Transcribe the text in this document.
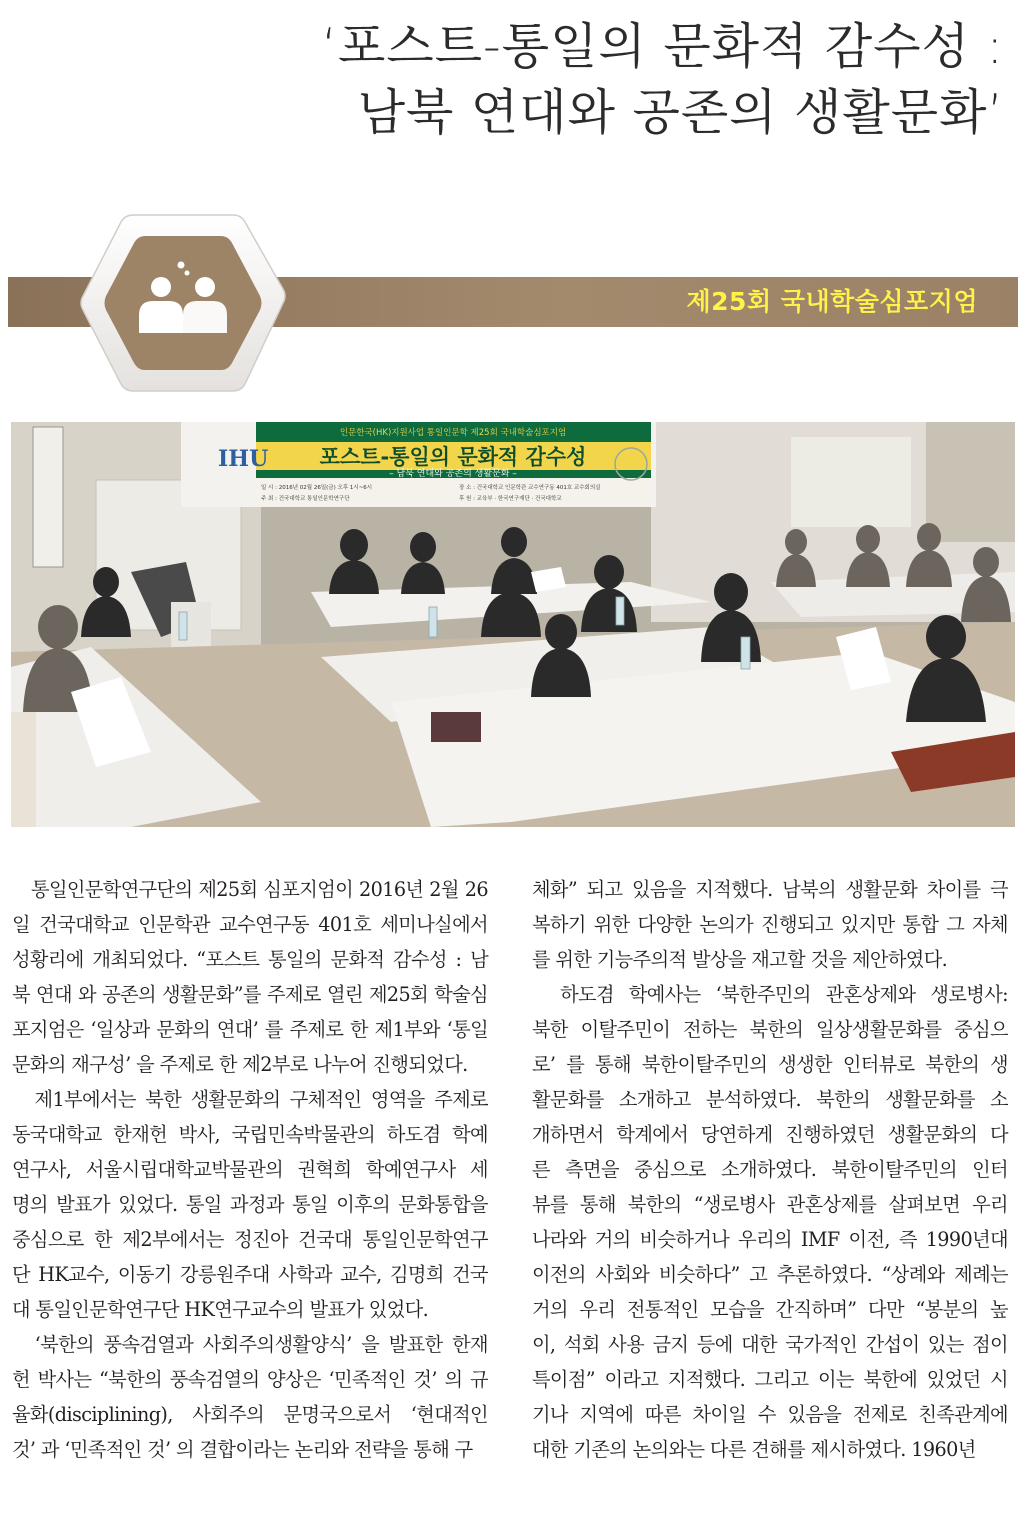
‘포스트-통일의 문화적 감수성 :
남북 연대와 공존의 생활문화’
제25회 국내학술심포지엄
IHU
인문한국(HK)지원사업 통일인문학 제25회 국내학술심포지엄
포스트-통일의 문화적 감수성
– 남북 연대와 공존의 생활문화 –
일 시 : 2016년 02월 26일(금) 오후 1시~6시
주 최 : 건국대학교 통일인문학연구단
장 소 : 건국대학교 인문학관 교수연구동 401호 교수회의실
후 원 : 교육부 · 한국연구재단 · 건국대학교
　통일인문학연구단의 제25회 심포지엄이 2016년 2월 26
일 건국대학교 인문학관 교수연구동 401호 세미나실에서
성황리에 개최되었다. “포스트 통일의 문화적 감수성 : 남
북 연대 와 공존의 생활문화”를 주제로 열린 제25회 학술심
포지엄은 ‘일상과 문화의 연대’ 를 주제로 한 제1부와 ‘통일
문화의 재구성’ 을 주제로 한 제2부로 나누어 진행되었다.
　제1부에서는 북한 생활문화의 구체적인 영역을 주제로
동국대학교 한재헌 박사, 국립민속박물관의 하도겸 학예
연구사, 서울시립대학교박물관의 권혁희 학예연구사 세
명의 발표가 있었다. 통일 과정과 통일 이후의 문화통합을
중심으로 한 제2부에서는 정진아 건국대 통일인문학연구
단 HK교수, 이동기 강릉원주대 사학과 교수, 김명희 건국
대 통일인문학연구단 HK연구교수의 발표가 있었다.
　‘북한의 풍속검열과 사회주의생활양식’ 을 발표한 한재
헌 박사는 “북한의 풍속검열의 양상은 ‘민족적인 것’ 의 규
율화(disciplining), 사회주의 문명국으로서 ‘현대적인
것’ 과 ‘민족적인 것’ 의 결합이라는 논리와 전략을 통해 구
체화” 되고 있음을 지적했다. 남북의 생활문화 차이를 극
복하기 위한 다양한 논의가 진행되고 있지만 통합 그 자체
를 위한 기능주의적 발상을 재고할 것을 제안하였다.
　하도겸 학예사는 ‘북한주민의 관혼상제와 생로병사:
북한 이탈주민이 전하는 북한의 일상생활문화를 중심으
로’ 를 통해 북한이탈주민의 생생한 인터뷰로 북한의 생
활문화를 소개하고 분석하였다. 북한의 생활문화를 소
개하면서 학계에서 당연하게 진행하였던 생활문화의 다
른 측면을 중심으로 소개하였다. 북한이탈주민의 인터
뷰를 통해 북한의 “생로병사 관혼상제를 살펴보면 우리
나라와 거의 비슷하거나 우리의 IMF 이전, 즉 1990년대
이전의 사회와 비슷하다” 고 추론하였다. “상례와 제례는
거의 우리 전통적인 모습을 간직하며” 다만 “봉분의 높
이, 석회 사용 금지 등에 대한 국가적인 간섭이 있는 점이
특이점” 이라고 지적했다. 그리고 이는 북한에 있었던 시
기나 지역에 따른 차이일 수 있음을 전제로 친족관계에
대한 기존의 논의와는 다른 견해를 제시하였다. 1960년
